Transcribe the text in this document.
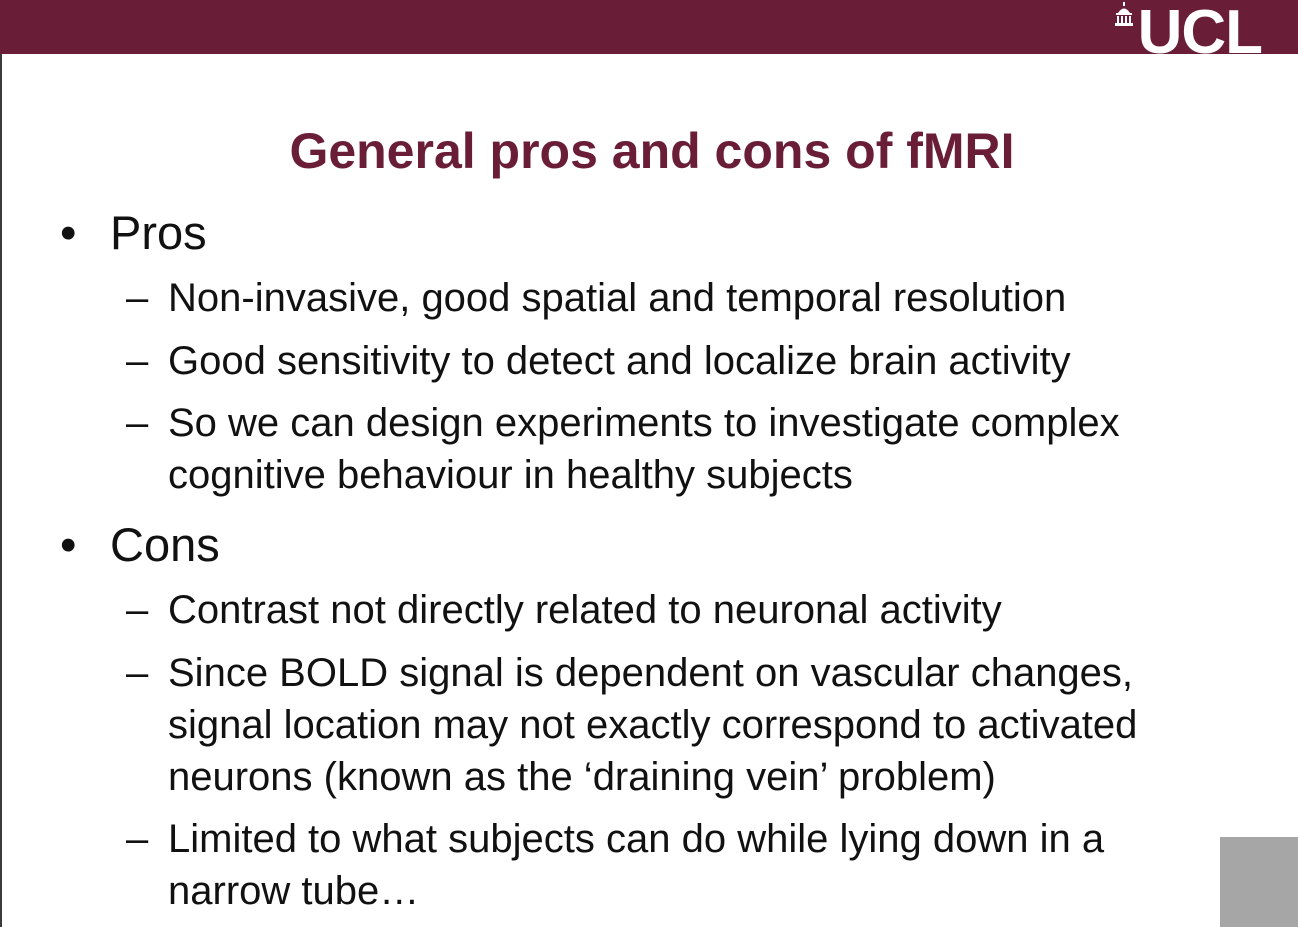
UCL
General pros and cons of fMRI
• Pros
– Non-invasive, good spatial and temporal resolution
– Good sensitivity to detect and localize brain activity
– So we can design experiments to investigate complex cognitive behaviour in healthy subjects
• Cons
– Contrast not directly related to neuronal activity
– Since BOLD signal is dependent on vascular changes, signal location may not exactly correspond to activated neurons (known as the ‘draining vein’ problem)
– Limited to what subjects can do while lying down in a narrow tube…
